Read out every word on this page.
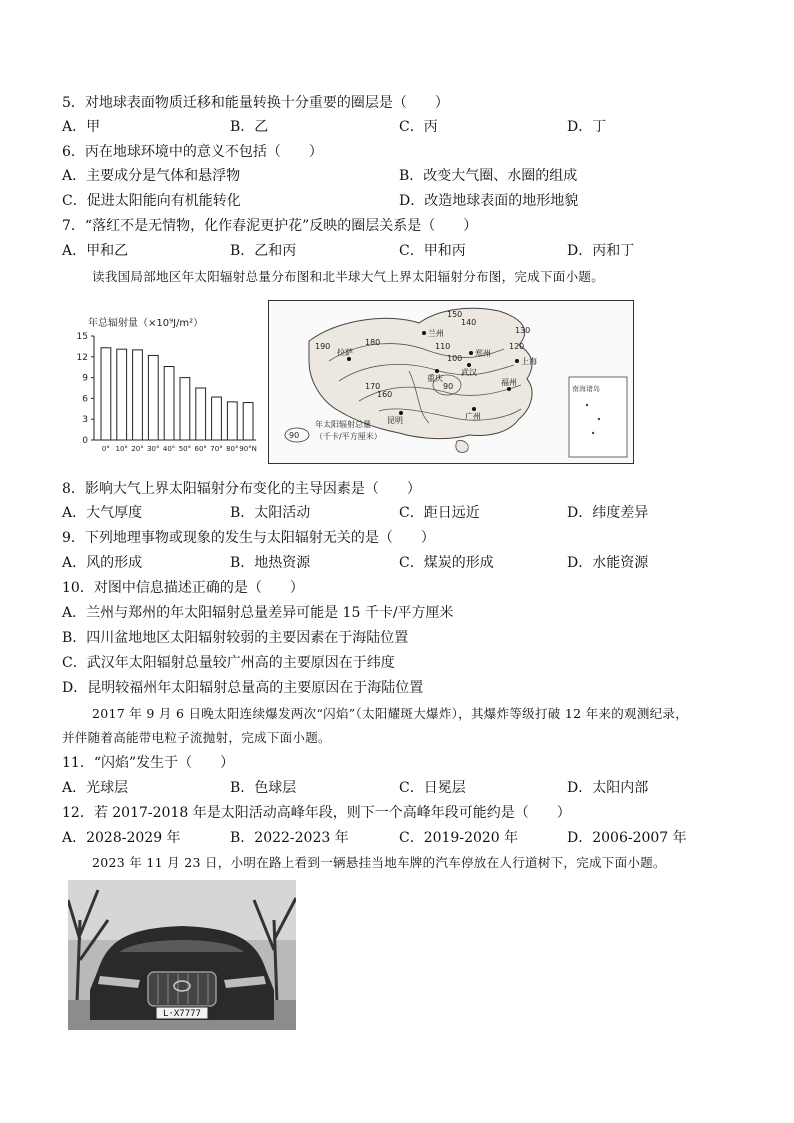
5．对地球表面物质迁移和能量转换十分重要的圈层是（　　）
A．甲	B．乙	C．丙	D．丁
6．丙在地球环境中的意义不包括（　　）
A．主要成分是气体和悬浮物	B．改变大气圈、水圈的组成
C．促进太阳能向有机能转化	D．改造地球表面的地形地貌
7．“落红不是无情物，化作春泥更护花”反映的圈层关系是（　　）
A．甲和乙	B．乙和丙	C．甲和丙	D．丙和丁
读我国局部地区年太阳辐射总量分布图和北半球大气上界太阳辐射分布图，完成下面小题。
年总辐射量（×10⁹J/m²）
0
3
6
9
12
15
0° 10° 20° 30° 40° 50° 60° 70° 80° 90°N
南海诸岛
兰州
郑州
上海
武汉
重庆
拉萨
昆明	广州
福州
150
140
130
120
110
100
90
180
190
170
160
90
年太阳辐射总量
（千卡/平方厘米）
8．影响大气上界太阳辐射分布变化的主导因素是（　　）
A．大气厚度	B．太阳活动	C．距日远近	D．纬度差异
9．下列地理事物或现象的发生与太阳辐射无关的是（　　）
A．风的形成	B．地热资源	C．煤炭的形成	D．水能资源
10．对图中信息描述正确的是（　　）
A．兰州与郑州的年太阳辐射总量差异可能是 15 千卡/平方厘米
B．四川盆地地区太阳辐射较弱的主要因素在于海陆位置
C．武汉年太阳辐射总量较广州高的主要原因在于纬度
D．昆明较福州年太阳辐射总量高的主要原因在于海陆位置
2017 年 9 月 6 日晚太阳连续爆发两次“闪焰”（太阳耀斑大爆炸），其爆炸等级打破 12 年来的观测纪录，
并伴随着高能带电粒子流抛射，完成下面小题。
11．“闪焰”发生于（　　）
A．光球层	B．色球层	C．日冕层	D．太阳内部
12．若 2017-2018 年是太阳活动高峰年段，则下一个高峰年段可能约是（　　）
A．2028-2029 年	B．2022-2023 年	C．2019-2020 年	D．2006-2007 年
2023 年 11 月 23 日，小明在路上看到一辆悬挂当地车牌的汽车停放在人行道树下，完成下面小题。
L·X7777
